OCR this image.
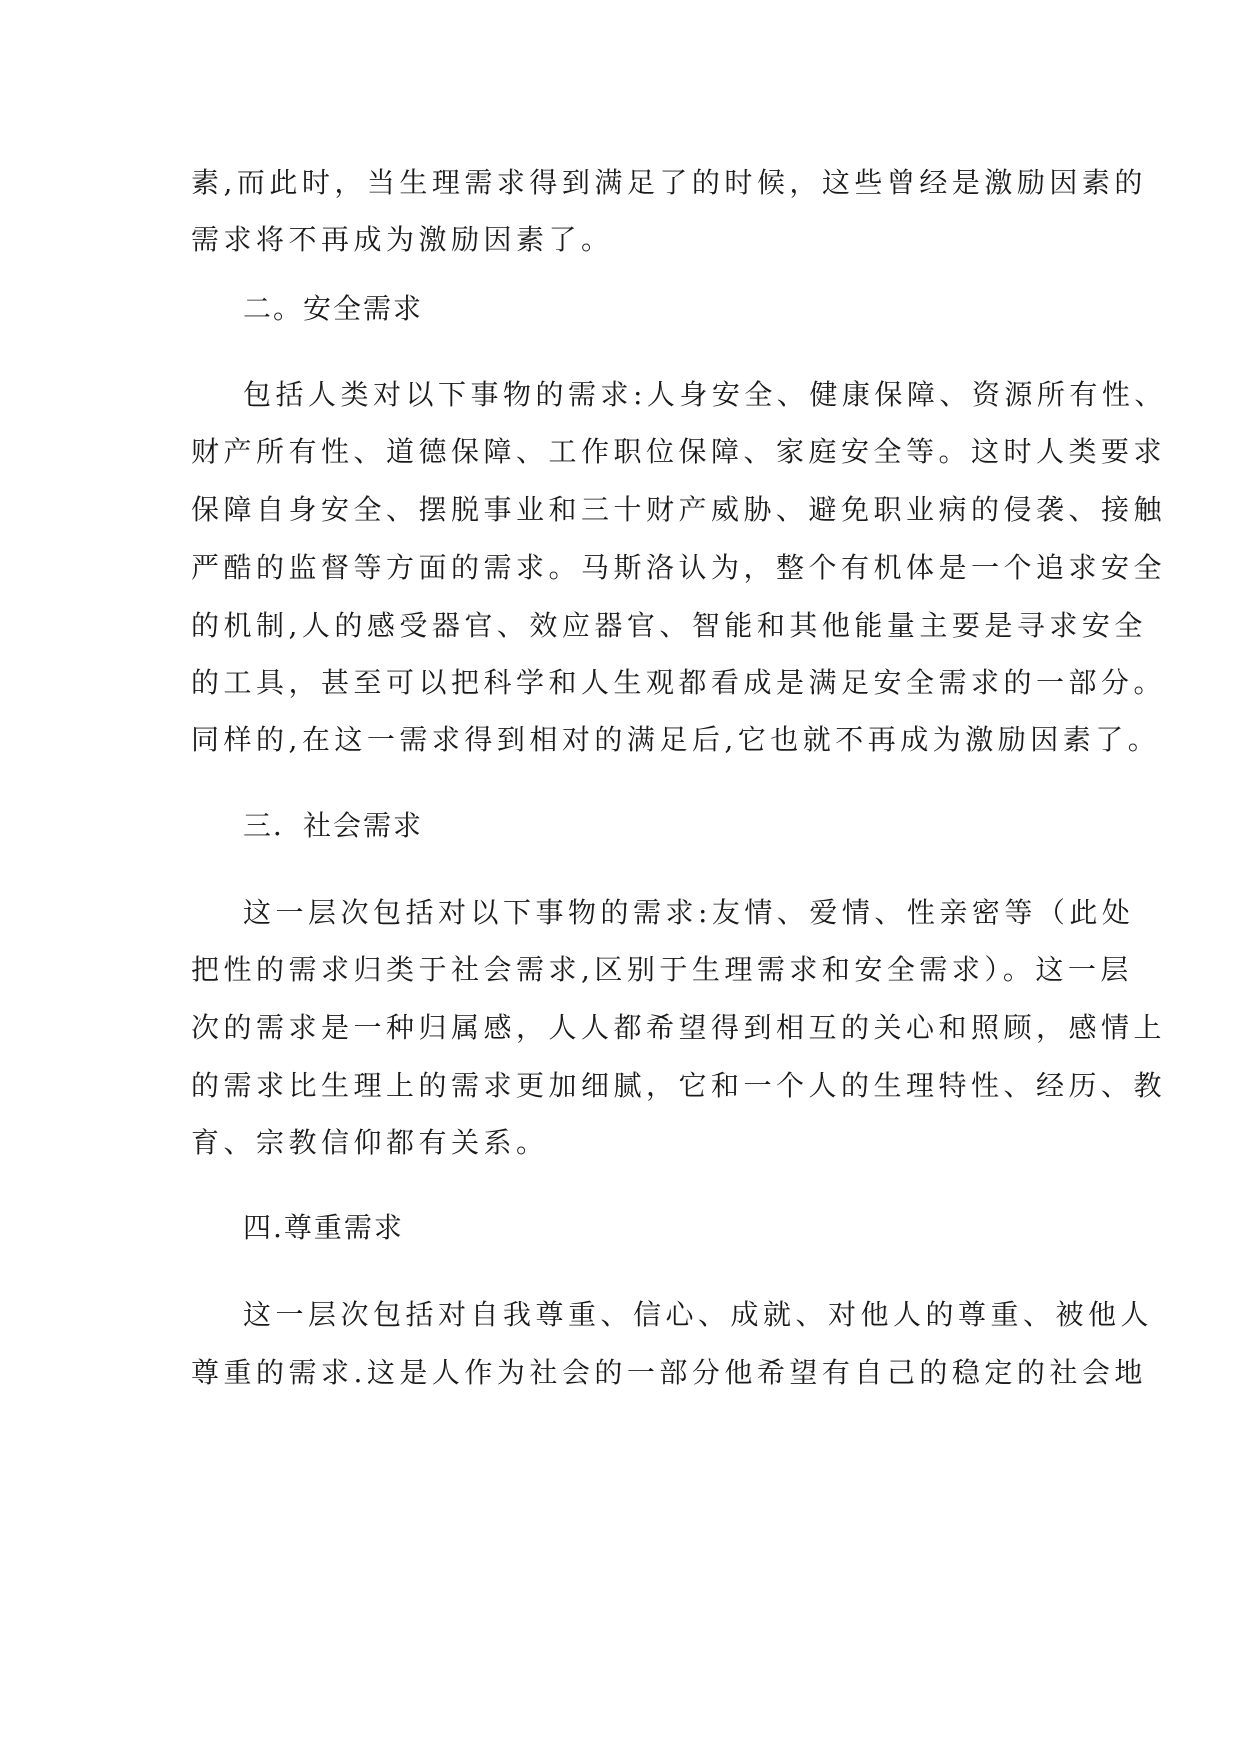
素,而此时，当生理需求得到满足了的时候，这些曾经是激励因素的
需求将不再成为激励因素了。
二。安全需求
包括人类对以下事物的需求:人身安全、健康保障、资源所有性、
财产所有性、道德保障、工作职位保障、家庭安全等。这时人类要求
保障自身安全、摆脱事业和三十财产威胁、避免职业病的侵袭、接触
严酷的监督等方面的需求。马斯洛认为，整个有机体是一个追求安全
的机制,人的感受器官、效应器官、智能和其他能量主要是寻求安全
的工具，甚至可以把科学和人生观都看成是满足安全需求的一部分。
同样的,在这一需求得到相对的满足后,它也就不再成为激励因素了。
三．社会需求
这一层次包括对以下事物的需求:友情、爱情、性亲密等（此处
把性的需求归类于社会需求,区别于生理需求和安全需求）。这一层
次的需求是一种归属感，人人都希望得到相互的关心和照顾，感情上
的需求比生理上的需求更加细腻，它和一个人的生理特性、经历、教
育、宗教信仰都有关系。
四.尊重需求
这一层次包括对自我尊重、信心、成就、对他人的尊重、被他人
尊重的需求.这是人作为社会的一部分他希望有自己的稳定的社会地
